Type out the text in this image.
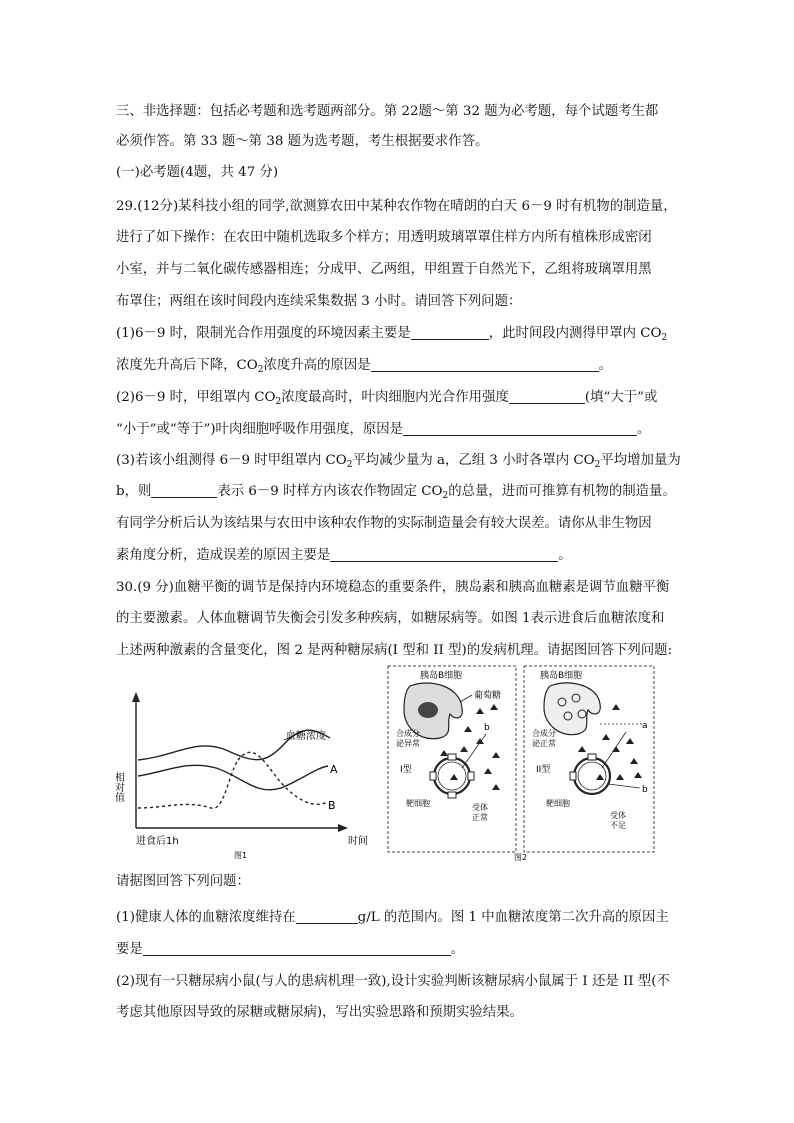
三、非选择题：包括必考题和选考题两部分。第 22题～第 32 题为必考题，每个试题考生都
必须作答。第 33 题～第 38 题为选考题，考生根据要求作答。
(一)必考题(4题，共 47 分)
29.(12分)某科技小组的同学,欲测算农田中某种农作物在晴朗的白天 6－9 时有机物的制造量，
进行了如下操作：在农田中随机选取多个样方；用透明玻璃罩罩住样方内所有植株形成密闭
小室，并与二氧化碳传感器相连；分成甲、乙两组，甲组置于自然光下，乙组将玻璃罩用黑
布罩住；两组在该时间段内连续采集数据 3 小时。请回答下列问题：
(1)6－9 时，限制光合作用强度的环境因素主要是	，此时间段内测得甲罩内 $CO_2$
浓度先升高后下降，$CO_2$浓度升高的原因是	。
(2)6－9 时，甲组罩内 $CO_2$浓度最高时，叶肉细胞内光合作用强度	(填“大于”或
“小于”或“等于”)叶肉细胞呼吸作用强度，原因是	。
(3)若该小组测得 6－9 时甲组罩内 $CO_2$平均减少量为 a，乙组 3 小时各罩内 $CO_2$平均增加量为
b，则	表示 6－9 时样方内该农作物固定 $CO_2$的总量，进而可推算有机物的制造量。
有同学分析后认为该结果与农田中该种农作物的实际制造量会有较大误差。请你从非生物因
素角度分析，造成误差的原因主要是	。
30.(9 分)血糖平衡的调节是保持内环境稳态的重要条件，胰岛素和胰高血糖素是调节血糖平衡
的主要激素。人体血糖调节失衡会引发多种疾病，如糖尿病等。如图 1表示进食后血糖浓度和
上述两种激素的含量变化，图 2 是两种糖尿病(I 型和 II 型)的发病机理。请据图回答下列问题:
血糖浓度
A
B
相对值
时间
进食后1h
图1
胰岛B细胞
葡萄糖
合成分
泌异常
I型
b
靶细胞	受体
正常
胰岛B细胞
合成分
泌正常
II型
a
b
靶细胞
受体
不足
图2
请据图回答下列问题：
(1)健康人体的血糖浓度维持在	g/L 的范围内。图 1 中血糖浓度第二次升高的原因主
要是	。
(2)现有一只糖尿病小鼠(与人的患病机理一致),设计实验判断该糖尿病小鼠属于 I 还是 II 型(不
考虑其他原因导致的尿糖或糖尿病)，写出实验思路和预期实验结果。
